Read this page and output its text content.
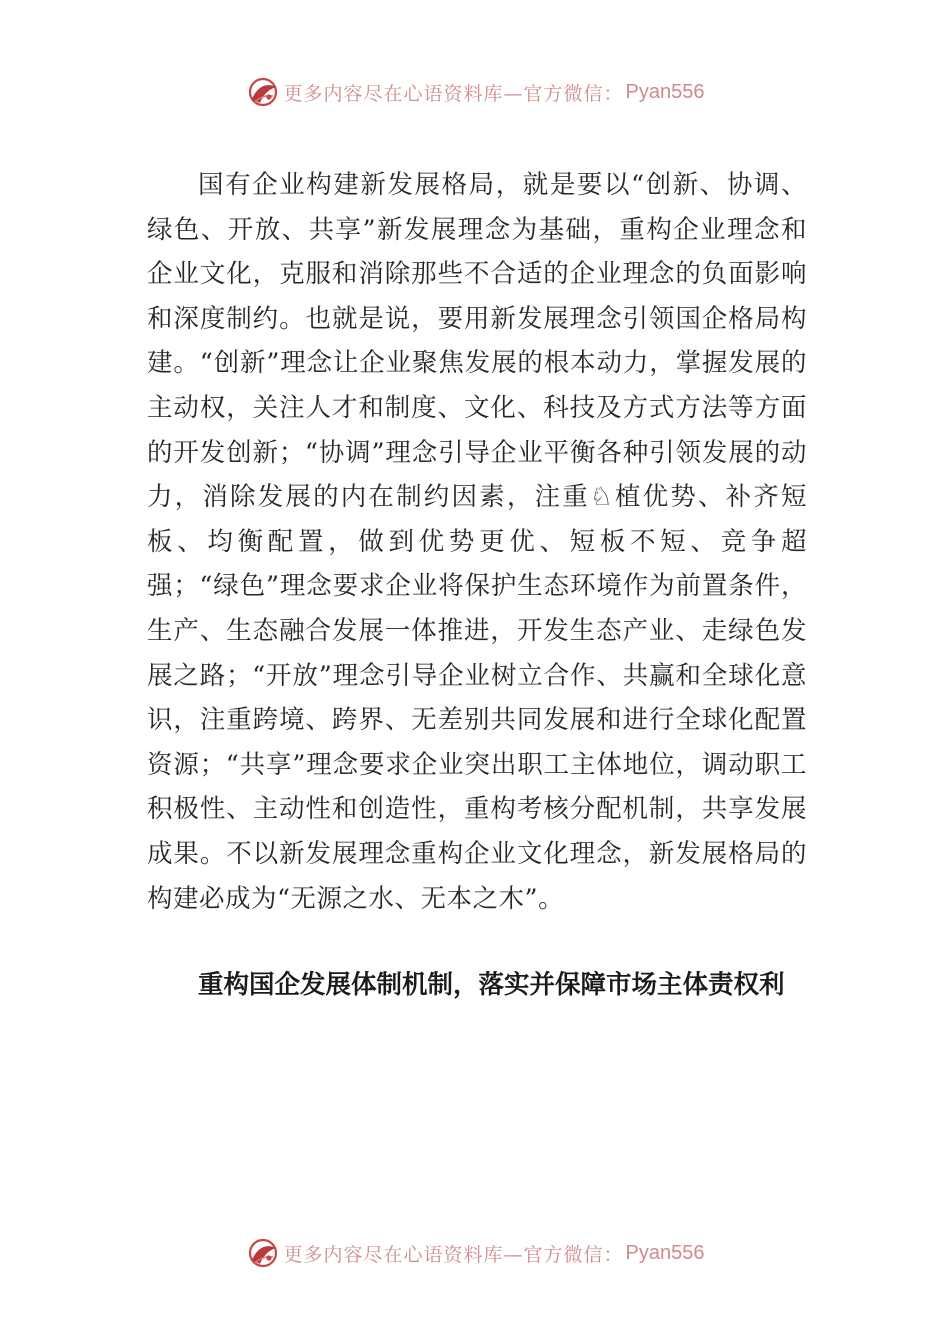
更多内容尽在心语资料库—官方微信： Pyan556

国有企业构建新发展格局，就是要以“创新、协调、绿色、开放、共享”新发展理念为基础，重构企业理念和企业文化，克服和消除那些不合适的企业理念的负面影响和深度制约。也就是说，要用新发展理念引领国企格局构建。“创新”理念让企业聚焦发展的根本动力，掌握发展的主动权，关注人才和制度、文化、科技及方式方法等方面的开发创新；“协调”理念引导企业平衡各种引领发展的动力，消除发展的内在制约因素，注重♘植优势、补齐短板、均衡配置，做到优势更优、短板不短、竞争超强；“绿色”理念要求企业将保护生态环境作为前置条件，生产、生态融合发展一体推进，开发生态产业、走绿色发展之路；“开放”理念引导企业树立合作、共赢和全球化意识，注重跨境、跨界、无差别共同发展和进行全球化配置资源；“共享”理念要求企业突出职工主体地位，调动职工积极性、主动性和创造性，重构考核分配机制，共享发展成果。不以新发展理念重构企业文化理念，新发展格局的构建必成为“无源之水、无本之木”。

重构国企发展体制机制，落实并保障市场主体责权利

更多内容尽在心语资料库—官方微信： Pyan556
